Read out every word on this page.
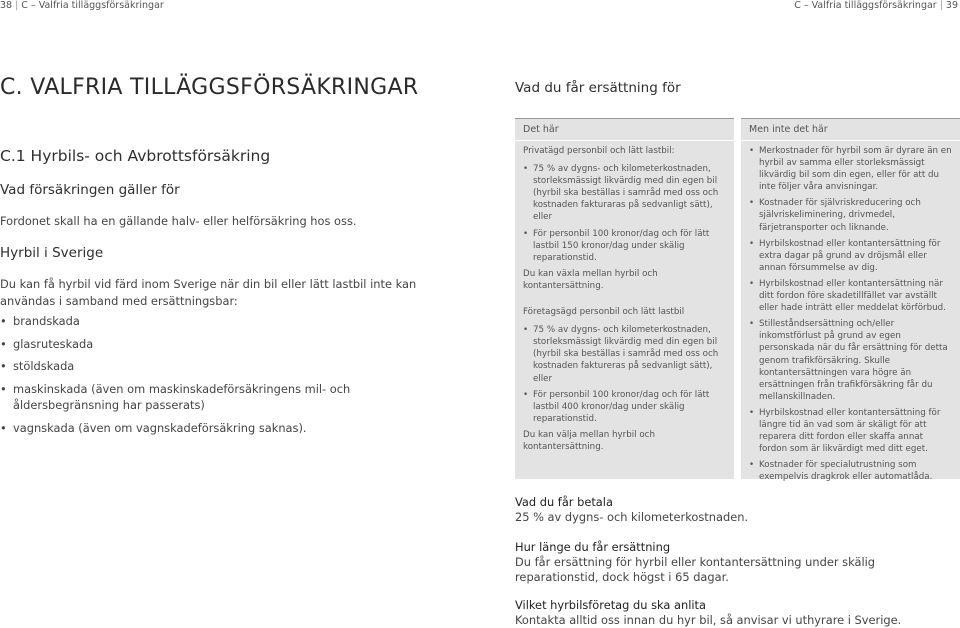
38 | C – Valfria tilläggsförsäkringar	C – Valfria tilläggsförsäkringar | 39
C. VALFRIA TILLÄGGSFÖRSÄKRINGAR
C.1 Hyrbils- och Avbrottsförsäkring
Vad försäkringen gäller för
Fordonet skall ha en gällande halv- eller helförsäkring hos oss.
Hyrbil i Sverige
Du kan få hyrbil vid färd inom Sverige när din bil eller lätt lastbil inte kan användas i samband med ersättningsbar:
• brandskada
• glasruteskada
• stöldskada
• maskinskada (även om maskinskadeförsäkringens mil- och åldersbegränsning har passerats)
• vagnskada (även om vagnskadeförsäkring saknas).
Vad du får ersättning för
Det här
Privatägd personbil och lätt lastbil:
• 75 % av dygns- och kilometerkostnaden, storleksmässigt likvärdig med din egen bil (hyrbil ska beställas i samråd med oss och kostnaden fakturaras på sedvanligt sätt), eller
• För personbil 100 kronor/dag och för lätt lastbil 150 kronor/dag under skälig reparationstid.
Du kan växla mellan hyrbil och kontantersättning.
Företagsägd personbil och lätt lastbil
• 75 % av dygns- och kilometerkostnaden, storleksmässigt likvärdig med din egen bil (hyrbil ska beställas i samråd med oss och kostnaden faktureras på sedvanligt sätt), eller
• För personbil 100 kronor/dag och för lätt lastbil 400 kronor/dag under skälig reparationstid.
Du kan välja mellan hyrbil och kontantersättning.
Men inte det här
• Merkostnader för hyrbil som är dyrare än en hyrbil av samma eller storleksmässigt likvärdig bil som din egen, eller för att du inte följer våra anvisningar.
• Kostnader för självriskreducering och självriskeliminering, drivmedel, färjetransporter och liknande.
• Hyrbilskostnad eller kontantersättning för extra dagar på grund av dröjsmål eller annan försummelse av dig.
• Hyrbilskostnad eller kontantersättning när ditt fordon före skadetillfället var avställt eller hade inträtt eller meddelat körförbud.
• Stilleståndsersättning och/eller inkomstförlust på grund av egen personskada när du får ersättning för detta genom trafikförsäkring. Skulle kontantersättningen vara högre än ersättningen från trafikförsäkring får du mellanskillnaden.
• Hyrbilskostnad eller kontantersättning för längre tid än vad som är skäligt för att reparera ditt fordon eller skaffa annat fordon som är likvärdigt med ditt eget.
• Kostnader för specialutrustning som exempelvis dragkrok eller automatlåda.

Vad du får betala

25 % av dygns- och kilometerkostnaden.

Hur länge du får ersättning

Du får ersättning för hyrbil eller kontantersättning under skälig reparationstid, dock högst i 65 dagar.

Vilket hyrbilsföretag du ska anlita

Kontakta alltid oss innan du hyr bil, så anvisar vi uthyrare i Sverige.
